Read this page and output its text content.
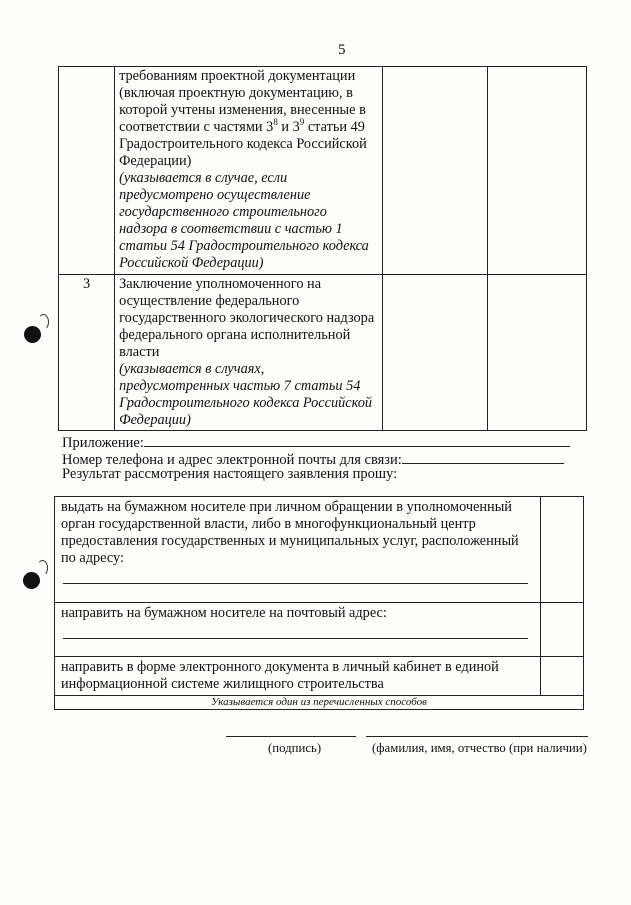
5
	требованиям проектной документации (включая проектную документацию, в которой учтены изменения, внесенные в соответствии с частями $3^8$ и $3^9$ статьи 49 Градостроительного кодекса Российской Федерации)
(указывается в случае, если предусмотрено осуществление государственного строительного надзора в соответствии с частью 1 статьи 54 Градостроительного кодекса Российской Федерации)		

3	Заключение уполномоченного на осуществление федерального государственного экологического надзора федерального органа исполнительной власти
(указывается в случаях, предусмотренных частью 7 статьи 54 Градостроительного кодекса Российской Федерации)		

Приложение:
Номер телефона и адрес электронной почты для связи:
Результат рассмотрения настоящего заявления прошу:
выдать на бумажном носителе при личном обращении в уполномоченный орган государственной власти, либо в многофункциональный центр предоставления государственных и муниципальных услуг, расположенный по адресу:	

направить на бумажном носителе на почтовый адрес:	

направить в форме электронного документа в личный кабинет в единой информационной системе жилищного строительства	
Указывается один из перечисленных способов	
(подпись)	(фамилия, имя, отчество (при наличии)
